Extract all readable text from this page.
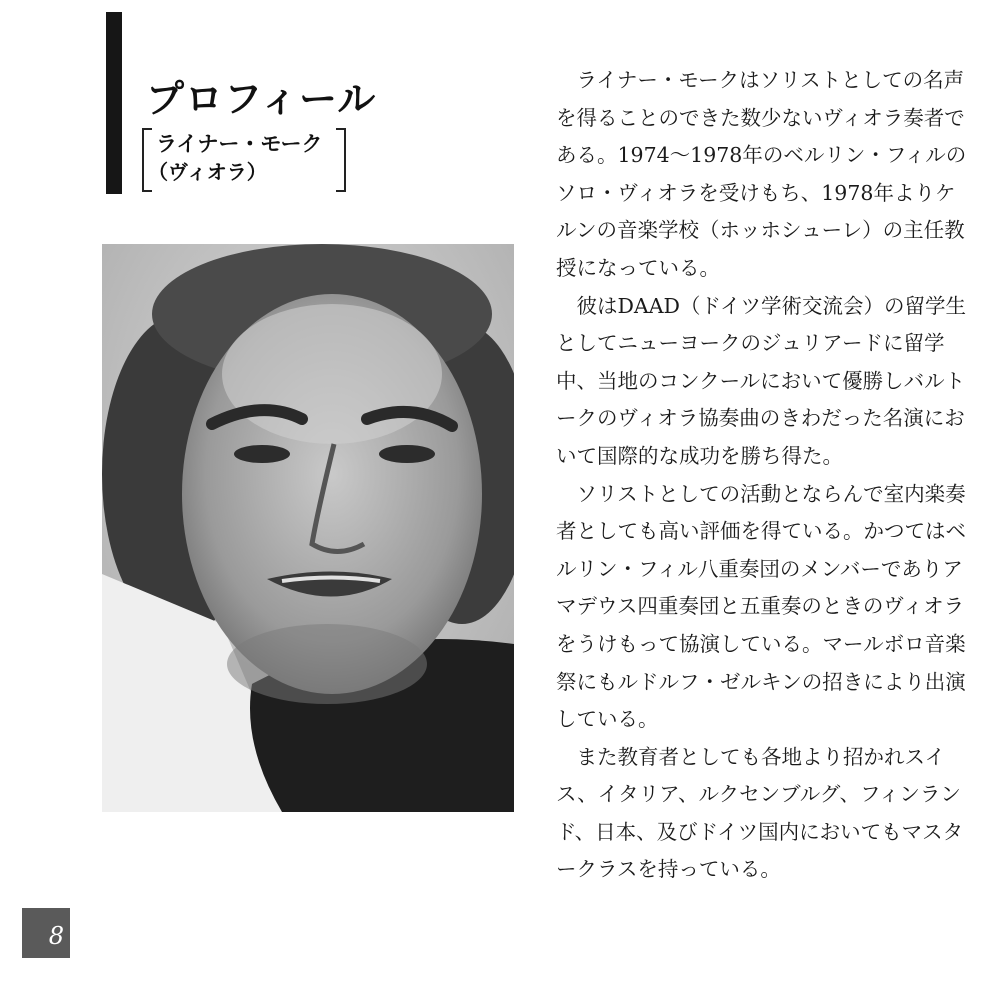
プロフィール
ライナー・モーク
（ヴィオラ）

ライナー・モークはソリストとしての名声を得ることのできた数少ないヴィオラ奏者である。1974～1978年のベルリン・フィルのソロ・ヴィオラを受けもち、1978年よりケルンの音楽学校（ホッホシューレ）の主任教授になっている。

彼はDAAD（ドイツ学術交流会）の留学生としてニューヨークのジュリアードに留学中、当地のコンクールにおいて優勝しバルトークのヴィオラ協奏曲のきわだった名演において国際的な成功を勝ち得た。

ソリストとしての活動とならんで室内楽奏者としても高い評価を得ている。かつてはベルリン・フィル八重奏団のメンバーでありアマデウス四重奏団と五重奏のときのヴィオラをうけもって協演している。マールボロ音楽祭にもルドルフ・ゼルキンの招きにより出演している。

また教育者としても各地より招かれスイス、イタリア、ルクセンブルグ、フィンランド、日本、及びドイツ国内においてもマスタークラスを持っている。

8
